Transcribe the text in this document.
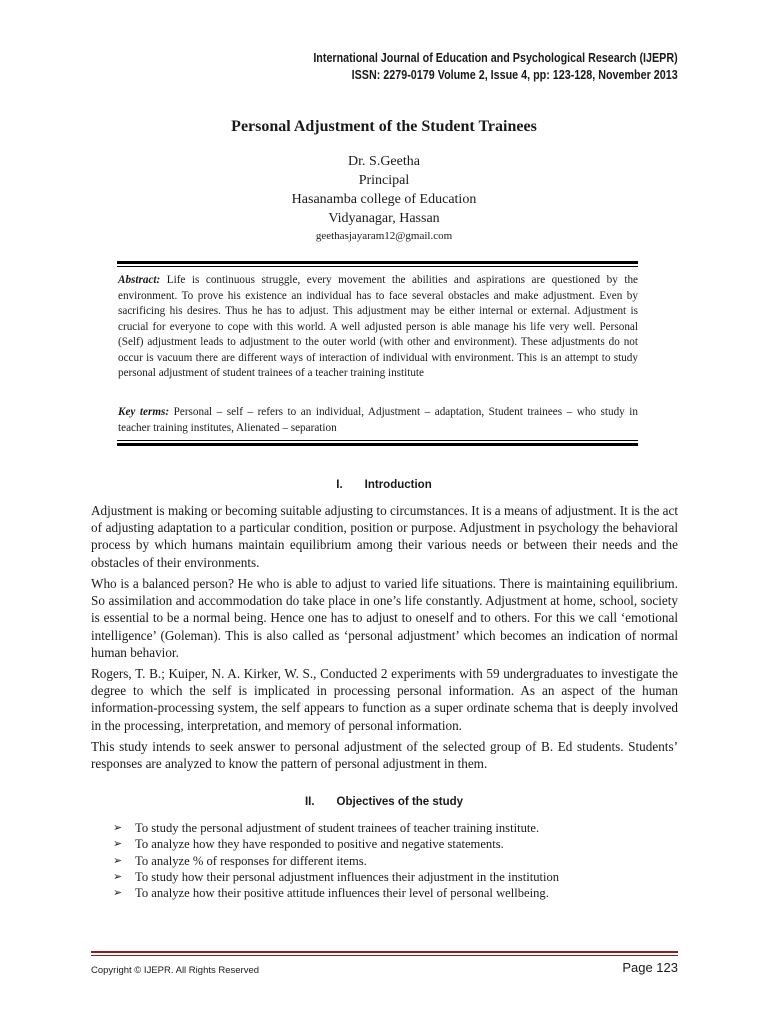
International Journal of Education and Psychological Research (IJEPR)
ISSN: 2279-0179 Volume 2, Issue 4, pp: 123-128, November 2013
Personal Adjustment of the Student Trainees
Dr. S.Geetha
Principal
Hasanamba college of Education
Vidyanagar, Hassan
geethasjayaram12@gmail.com
Abstract: Life is continuous struggle, every movement the abilities and aspirations are questioned by the environment. To prove his existence an individual has to face several obstacles and make adjustment. Even by sacrificing his desires. Thus he has to adjust. This adjustment may be either internal or external. Adjustment is crucial for everyone to cope with this world. A well adjusted person is able manage his life very well. Personal (Self) adjustment leads to adjustment to the outer world (with other and environment). These adjustments do not occur is vacuum there are different ways of interaction of individual with environment. This is an attempt to study personal adjustment of student trainees of a teacher training institute
Key terms: Personal – self – refers to an individual, Adjustment – adaptation, Student trainees – who study in teacher training institutes, Alienated – separation
I. Introduction

Adjustment is making or becoming suitable adjusting to circumstances. It is a means of adjustment. It is the act of adjusting adaptation to a particular condition, position or purpose. Adjustment in psychology the behavioral process by which humans maintain equilibrium among their various needs or between their needs and the obstacles of their environments.

Who is a balanced person? He who is able to adjust to varied life situations. There is maintaining equilibrium. So assimilation and accommodation do take place in one’s life constantly. Adjustment at home, school, society is essential to be a normal being. Hence one has to adjust to oneself and to others. For this we call ‘emotional intelligence’ (Goleman). This is also called as ‘personal adjustment’ which becomes an indication of normal human behavior.

Rogers, T. B.; Kuiper, N. A. Kirker, W. S., Conducted 2 experiments with 59 undergraduates to investigate the degree to which the self is implicated in processing personal information. As an aspect of the human information-processing system, the self appears to function as a super ordinate schema that is deeply involved in the processing, interpretation, and memory of personal information.

This study intends to seek answer to personal adjustment of the selected group of B. Ed students. Students’ responses are analyzed to know the pattern of personal adjustment in them.

II. Objectives of the study
➢	To study the personal adjustment of student trainees of teacher training institute.
➢	To analyze how they have responded to positive and negative statements.
➢	To analyze % of responses for different items.
➢	To study how their personal adjustment influences their adjustment in the institution
➢	To analyze how their positive attitude influences their level of personal wellbeing.
Copyright © IJEPR. All Rights Reserved	Page 123
